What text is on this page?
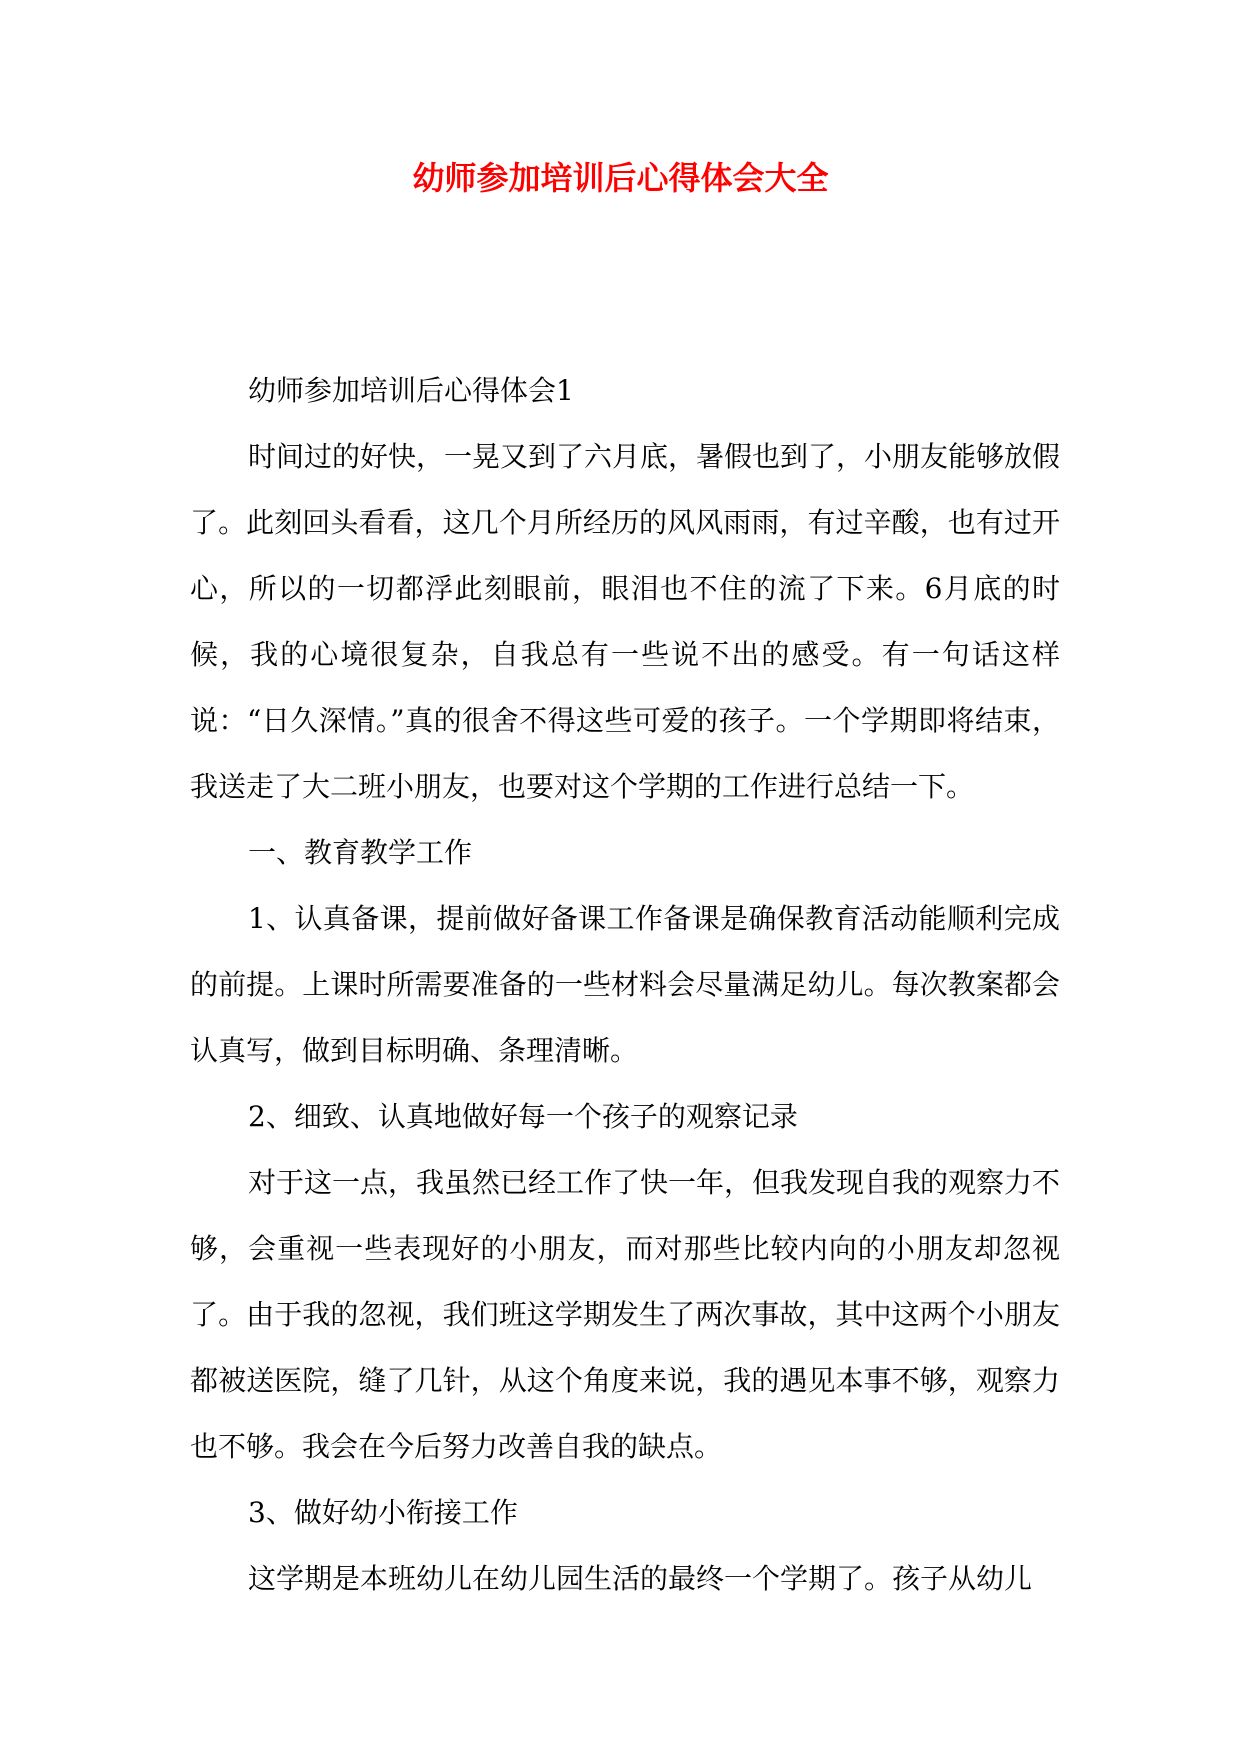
幼师参加培训后心得体会大全

幼师参加培训后心得体会1

时间过的好快，一晃又到了六月底，暑假也到了，小朋友能够放假了。此刻回头看看，这几个月所经历的风风雨雨，有过辛酸，也有过开心，所以的一切都浮此刻眼前，眼泪也不住的流了下来。6月底的时候，我的心境很复杂，自我总有一些说不出的感受。有一句话这样说：“日久深情。”真的很舍不得这些可爱的孩子。一个学期即将结束，我送走了大二班小朋友，也要对这个学期的工作进行总结一下。

一、教育教学工作

1、认真备课，提前做好备课工作备课是确保教育活动能顺利完成的前提。上课时所需要准备的一些材料会尽量满足幼儿。每次教案都会认真写，做到目标明确、条理清晰。

2、细致、认真地做好每一个孩子的观察记录

对于这一点，我虽然已经工作了快一年，但我发现自我的观察力不够，会重视一些表现好的小朋友，而对那些比较内向的小朋友却忽视了。由于我的忽视，我们班这学期发生了两次事故，其中这两个小朋友都被送医院，缝了几针，从这个角度来说，我的遇见本事不够，观察力也不够。我会在今后努力改善自我的缺点。

3、做好幼小衔接工作

这学期是本班幼儿在幼儿园生活的最终一个学期了。孩子从幼儿
